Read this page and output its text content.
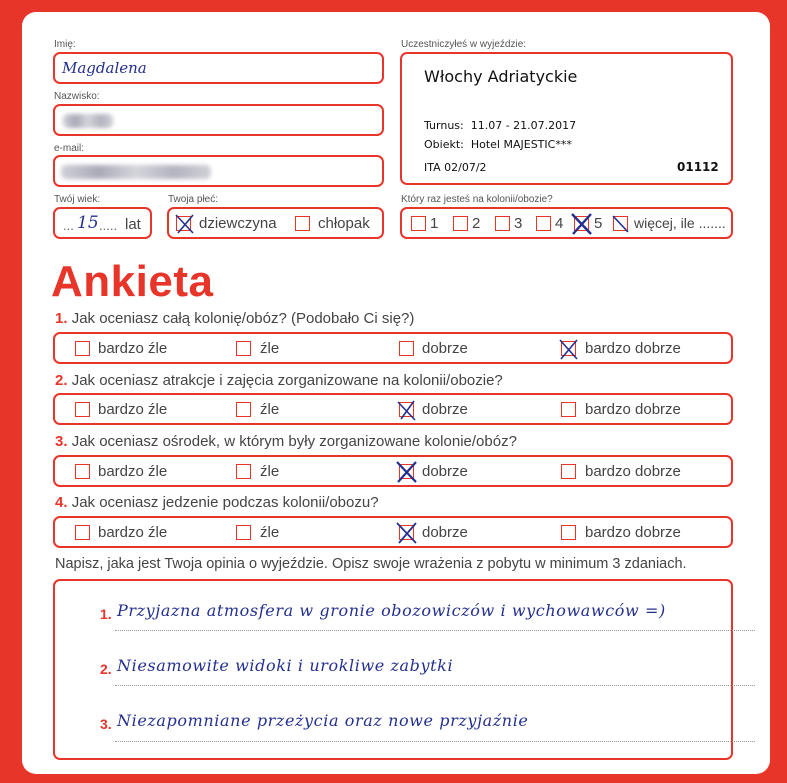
Imię:
Magdalena
Nazwisko:
e-mail:
Twój wiek:
... 15 ..... lat
Twoja płeć:
dziewczyna	chłopak
Uczestniczyłeś w wyjeździe:
Włochy Adriatyckie
Turnus:  11.07 - 21.07.2017
Obiekt:  Hotel MAJESTIC***
ITA 02/07/2	01112
Który raz jesteś na kolonii/obozie?
1 2 3 4 5 więcej, ile .......
Ankieta
1. Jak oceniasz całą kolonię/obóz? (Podobało Ci się?)
bardzo źle	źle	dobrze	bardzo dobrze
2. Jak oceniasz atrakcje i zajęcia zorganizowane na kolonii/obozie?
bardzo źle	źle	dobrze	bardzo dobrze
3. Jak oceniasz ośrodek, w którym były zorganizowane kolonie/obóz?
bardzo źle	źle	dobrze	bardzo dobrze
4. Jak oceniasz jedzenie podczas kolonii/obozu?
bardzo źle	źle	dobrze	bardzo dobrze
Napisz, jaka jest Twoja opinia o wyjeździe. Opisz swoje wrażenia z pobytu w minimum 3 zdaniach.
1. Przyjazna atmosfera w gronie obozowiczów i wychowawców =)
2. Niesamowite widoki i urokliwe zabytki
3. Niezapomniane przeżycia oraz nowe przyjaźnie
